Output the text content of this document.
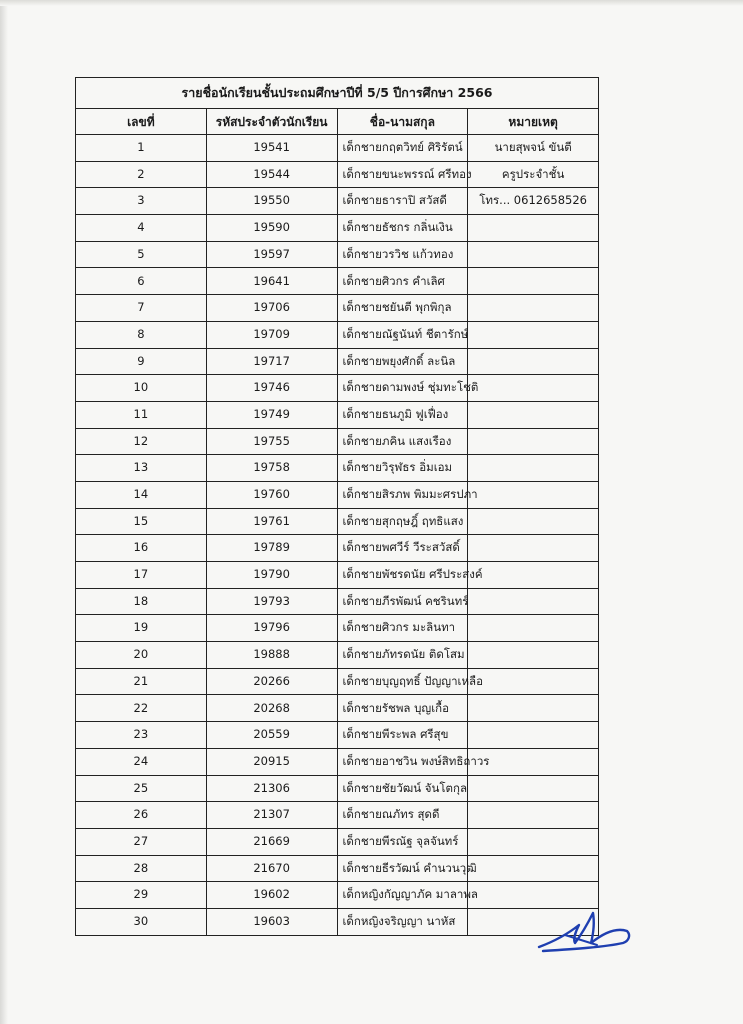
รายชื่อนักเรียนชั้นประถมศึกษาปีที่ 5/5 ปีการศึกษา 2566			
เลขที่	รหัสประจำตัวนักเรียน	ชื่อ-นามสกุล	หมายเหตุ
1	19541	เด็กชายกฤตวิทย์ ศิริรัตน์	นายสุพจน์ ขันตี
2	19544	เด็กชายขนะพรรณ์ ศรีทอง	ครูประจำชั้น
3	19550	เด็กชายธาราปิ สวัสดี	โทร... 0612658526
4	19590	เด็กชายธัชกร กลิ่นเงิน	
5	19597	เด็กชายวรวิช แก้วทอง	
6	19641	เด็กชายศิวกร คำเลิศ	
7	19706	เด็กชายชยันตี พุกพิกุล	
8	19709	เด็กชายณัฐนันท์ ชีตารักษ์	
9	19717	เด็กชายพยุงศักดิ์ ละนิล	
10	19746	เด็กชายดามพงษ์ ชุ่มทะโชติ	
11	19749	เด็กชายธนภูมิ ฟูเฟื่อง	
12	19755	เด็กชายภคิน แสงเรือง	
13	19758	เด็กชายวิรุฬธร อิ่มเอม	
14	19760	เด็กชายสิรภพ พิมมะศรปภา	
15	19761	เด็กชายสุกฤษฎิ์ ฤทธิแสง	
16	19789	เด็กชายพศวีร์ วีระสวัสดิ์	
17	19790	เด็กชายพัชรดนัย ศรีประสงค์	
18	19793	เด็กชายภีรพัฒน์ คชรินทร์	
19	19796	เด็กชายศิวกร มะลินทา	
20	19888	เด็กชายภัทรดนัย ติดโสม	
21	20266	เด็กชายบุญฤทธิ์ ปัญญาเหลือ	
22	20268	เด็กชายรัชพล บุญเกื้อ	
23	20559	เด็กชายพีระพล ศรีสุข	
24	20915	เด็กชายอาชวิน พงษ์สิทธิถาวร	
25	21306	เด็กชายชัยวัฒน์ จันโตกุล	
26	21307	เด็กชายณภัทร สุดดี	
27	21669	เด็กชายพีรณัฐ จุลจันทร์	
28	21670	เด็กชายธีรวัฒน์ คำนวนวุฒิ	
29	19602	เด็กหญิงกัญญาภัค มาลาพล	
30	19603	เด็กหญิงจริญญา นาหัส	
